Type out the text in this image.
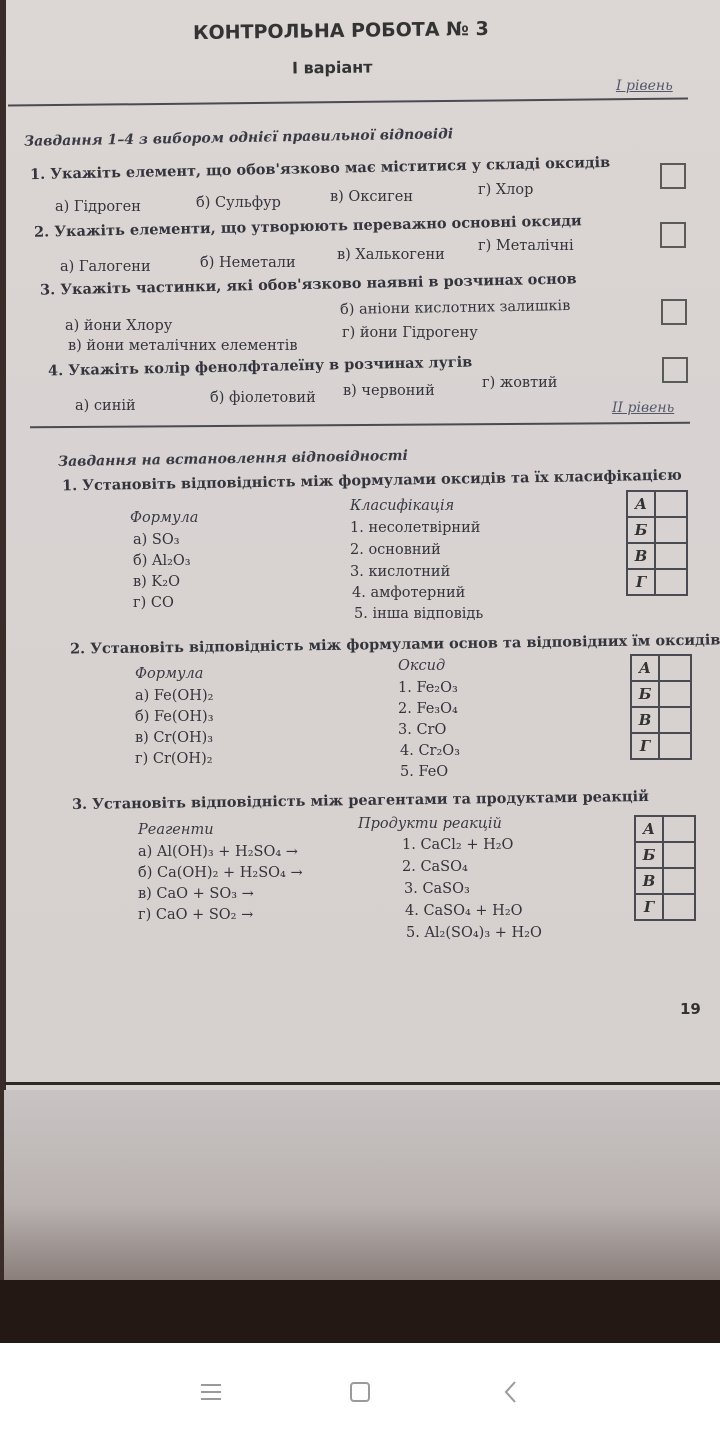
КОНТРОЛЬНА РОБОТА № 3
І варіант
І рівень
Завдання 1–4 з вибором однієї правильної відповіді
1. Укажіть елемент, що обов'язково має міститися у складі оксидів
а) Гідроген	б) Сульфур	в) Оксиген	г) Хлор
2. Укажіть елементи, що утворюють переважно основні оксиди
а) Галогени	б) Неметали	в) Халькогени
г) Металічні
3. Укажіть частинки, які обов'язково наявні в розчинах основ
а) йони Хлору
б) аніони кислотних залишків
в) йони металічних елементів
г) йони Гідрогену
4. Укажіть колір фенолфталеїну в розчинах лугів
а) синій	б) фіолетовий в) червоний	г) жовтий
ІІ рівень
Завдання на встановлення відповідності
1. Установіть відповідність між формулами оксидів та їх класифікацією
Формула
а) SO₃
б) Al₂O₃
в) K₂O
г) CO
Класифікація
1. несолетвірний
2. основний
3. кислотний
4. амфотерний
5. інша відповідь
А	
Б	
В	
Г	
2. Установіть відповідність між формулами основ та відповідних їм оксидів
Формула
а) Fe(OH)₂
б) Fe(OH)₃
в) Cr(OH)₃
г) Cr(OH)₂
Оксид
1. Fe₂O₃
2. Fe₃O₄
3. CrO
4. Cr₂O₃
5. FeO
А	
Б	
В	
Г	
3. Установіть відповідність між реагентами та продуктами реакцій
Реагенти
а) Al(OH)₃ + H₂SO₄ →
б) Ca(OH)₂ + H₂SO₄ →
в) CaO + SO₃ →
г) CaO + SO₂ →
Продукти реакцій
1. CaCl₂ + H₂O
2. CaSO₄
3. CaSO₃
4. CaSO₄ + H₂O
5. Al₂(SO₄)₃ + H₂O
А	
Б	
В	
Г	
19
